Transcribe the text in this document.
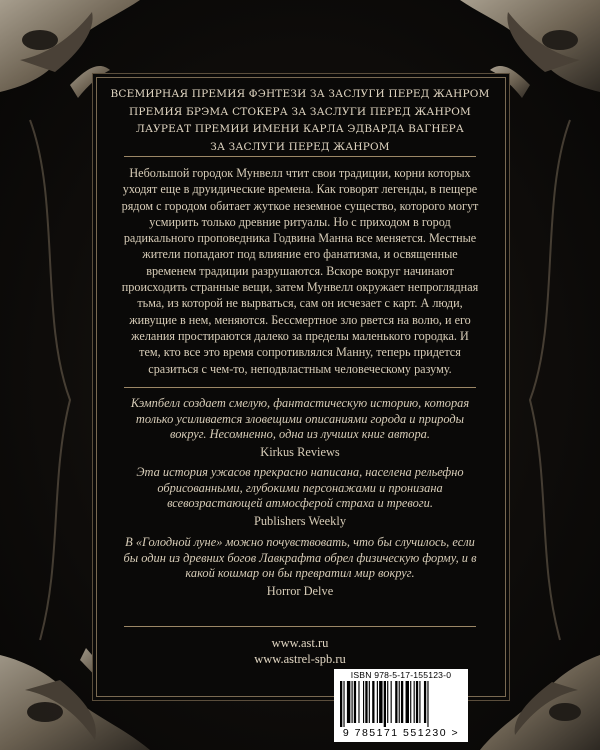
ВСЕМИРНАЯ ПРЕМИЯ ФЭНТЕЗИ ЗА ЗАСЛУГИ ПЕРЕД ЖАНРОМ
ПРЕМИЯ БРЭМА СТОКЕРА ЗА ЗАСЛУГИ ПЕРЕД ЖАНРОМ
ЛАУРЕАТ ПРЕМИИ ИМЕНИ КАРЛА ЭДВАРДА ВАГНЕРА
ЗА ЗАСЛУГИ ПЕРЕД ЖАНРОМ

Небольшой городок Мунвелл чтит свои традиции, корни которых уходят еще в друидические времена. Как говорят легенды, в пещере рядом с городом обитает жуткое неземное существо, которого могут усмирить только древние ритуалы. Но с приходом в город радикального проповедника Годвина Манна все меняется. Местные жители попадают под влияние его фанатизма, и освященные временем традиции разрушаются. Вскоре вокруг начинают происходить странные вещи, затем Мунвелл окружает непроглядная тьма, из которой не вырваться, сам он исчезает с карт. А люди, живущие в нем, меняются. Бессмертное зло рвется на волю, и его желания простираются далеко за пределы маленького городка. И тем, кто все это время сопротивлялся Манну, теперь придется сразиться с чем-то, неподвластным человеческому разуму.

Кэмпбелл создает смелую, фантастическую историю, которая только усиливается зловещими описаниями города и природы вокруг. Несомненно, одна из лучших книг автора.

Kirkus Reviews

Эта история ужасов прекрасно написана, населена рельефно обрисованными, глубокими персонажами и пронизана всевозрастающей атмосферой страха и тревоги.

Publishers Weekly

В «Голодной луне» можно почувствовать, что бы случилось, если бы один из древних богов Лавкрафта обрел физическую форму, и в какой кошмар он бы превратил мир вокруг.

Horror Delve

www.ast.ru
www.astrel-spb.ru
ISBN 978-5-17-155123-0
9 785171 551230 >
